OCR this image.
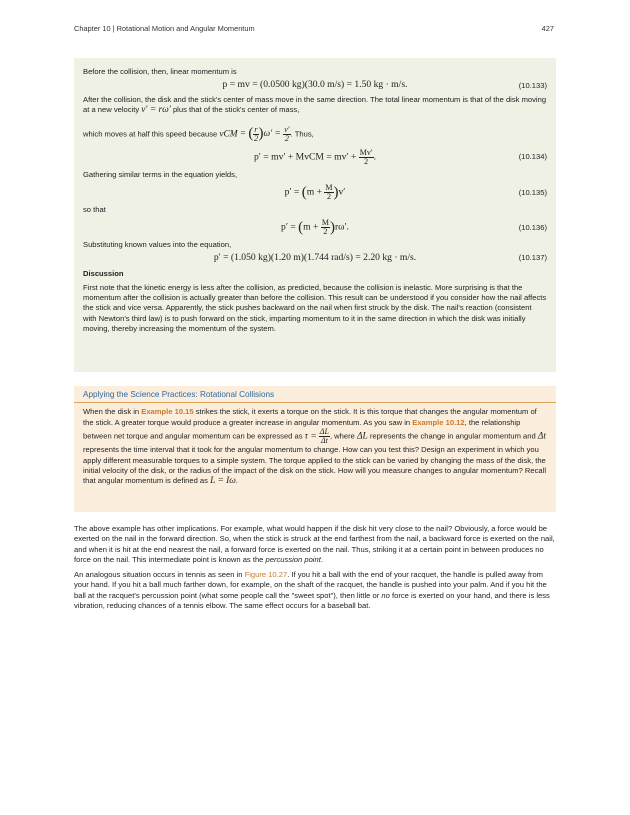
Chapter 10 | Rotational Motion and Angular Momentum	427

Before the collision, then, linear momentum is

p = mv = (0.0500 kg)(30.0 m/s) = 1.50 kg · m/s.	(10.133)

After the collision, the disk and the stick's center of mass move in the same direction. The total linear momentum is that of the disk moving at a new velocity v′ = rω′ plus that of the stick's center of mass,

which moves at half this speed because vCM = ( $\frac{r}{2} )\omega' = \frac{v'}{2}$ . Thus,

p′ = mv′ + MvCM = $mv' + \frac{Mv'}{2}$ .	(10.134)

Gathering similar terms in the equation yields,

$p' = (m + \frac{M}{2} )v'$	(10.135)

so that

$p' = (m + \frac{M}{2} )r\omega'$.	(10.136)

Substituting known values into the equation,

p′ = (1.050 kg)(1.20 m)(1.744 rad/s) = 2.20 kg · m/s.	(10.137)

Discussion

First note that the kinetic energy is less after the collision, as predicted, because the collision is inelastic. More surprising is that the momentum after the collision is actually greater than before the collision. This result can be understood if you consider how the nail affects the stick and vice versa. Apparently, the stick pushes backward on the nail when first struck by the disk. The nail's reaction (consistent with Newton's third law) is to push forward on the stick, imparting momentum to it in the same direction in which the disk was initially moving, thereby increasing the momentum of the system.

Applying the Science Practices: Rotational Collisions
When the disk in Example 10.15 strikes the stick, it exerts a torque on the stick. It is this torque that changes the angular momentum of the stick. A greater torque would produce a greater increase in angular momentum. As you saw in Example 10.12, the relationship between net torque and angular momentum can be expressed as $\tau = \frac{\Delta L}{\Delta t}$ , where ΔL represents the change in angular momentum and Δt represents the time interval that it took for the angular momentum to change. How can you test this? Design an experiment in which you apply different measurable torques to a simple system. The torque applied to the stick can be varied by changing the mass of the disk, the initial velocity of the disk, or the radius of the impact of the disk on the stick. How will you measure changes to angular momentum? Recall that angular momentum is defined as L = Iω.
The above example has other implications. For example, what would happen if the disk hit very close to the nail? Obviously, a force would be exerted on the nail in the forward direction. So, when the stick is struck at the end farthest from the nail, a backward force is exerted on the nail, and when it is hit at the end nearest the nail, a forward force is exerted on the nail. Thus, striking it at a certain point in between produces no force on the nail. This intermediate point is known as the percussion point.
An analogous situation occurs in tennis as seen in Figure 10.27. If you hit a ball with the end of your racquet, the handle is pulled away from your hand. If you hit a ball much farther down, for example, on the shaft of the racquet, the handle is pushed into your palm. And if you hit the ball at the racquet's percussion point (what some people call the "sweet spot"), then little or no force is exerted on your hand, and there is less vibration, reducing chances of a tennis elbow. The same effect occurs for a baseball bat.
